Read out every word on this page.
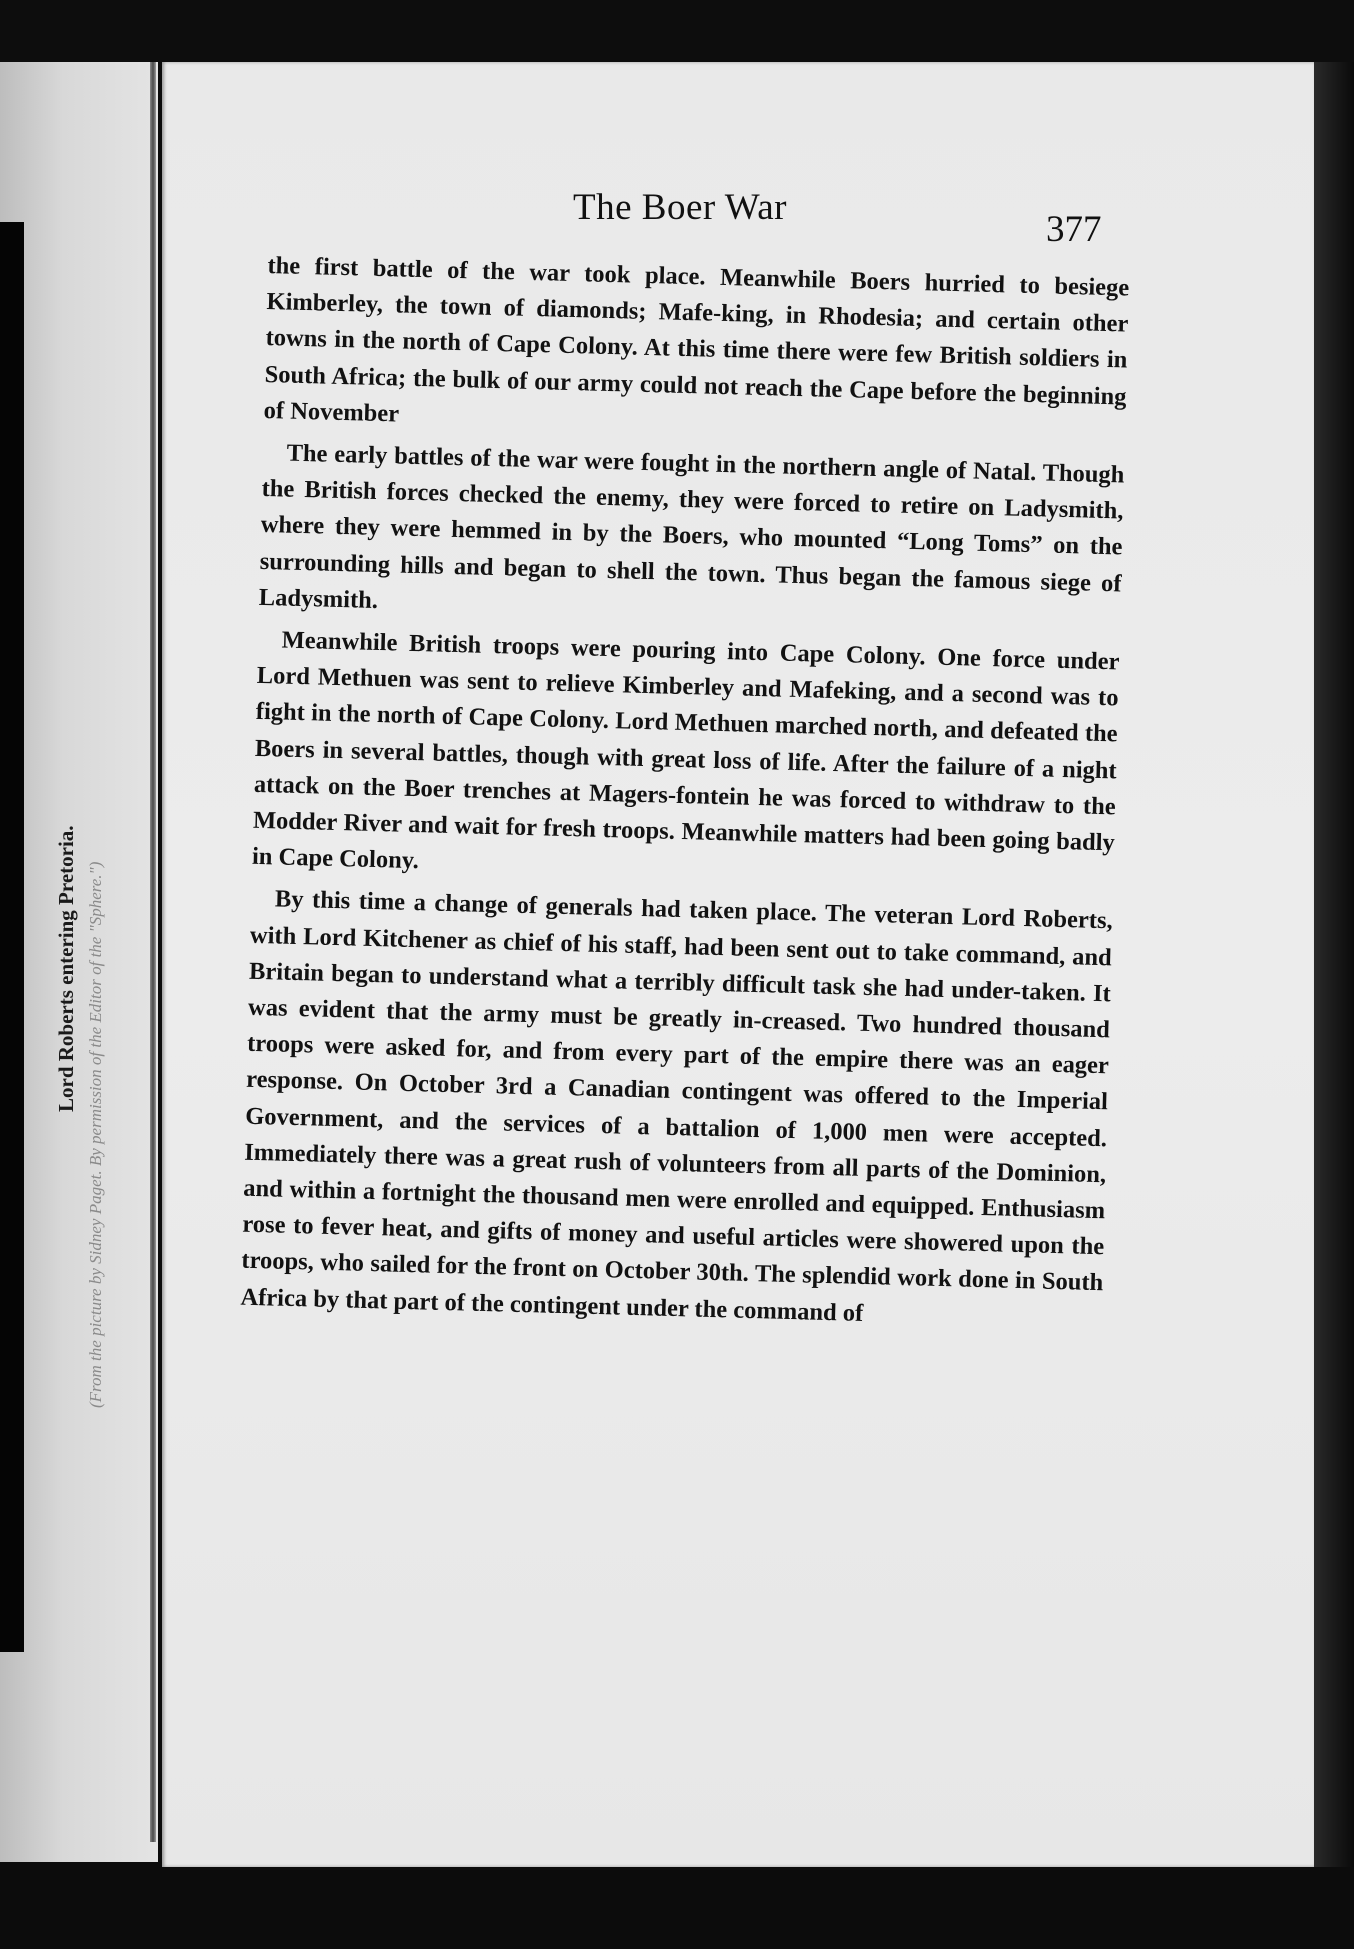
Lord Roberts entering Pretoria. (From the picture by Sidney Paget. By permission of the Editor of the "Sphere.")
The Boer War
377

the first battle of the war took place. Meanwhile Boers hurried to besiege Kimberley, the town of diamonds; Mafe-king, in Rhodesia; and certain other towns in the north of Cape Colony. At this time there were few British soldiers in South Africa; the bulk of our army could not reach the Cape before the beginning of November

The early battles of the war were fought in the northern angle of Natal. Though the British forces checked the enemy, they were forced to retire on Ladysmith, where they were hemmed in by the Boers, who mounted “Long Toms” on the surrounding hills and began to shell the town. Thus began the famous siege of Ladysmith.

Meanwhile British troops were pouring into Cape Colony. One force under Lord Methuen was sent to relieve Kimberley and Mafeking, and a second was to fight in the north of Cape Colony. Lord Methuen marched north, and defeated the Boers in several battles, though with great loss of life. After the failure of a night attack on the Boer trenches at Magers-fontein he was forced to withdraw to the Modder River and wait for fresh troops. Meanwhile matters had been going badly in Cape Colony.

By this time a change of generals had taken place. The veteran Lord Roberts, with Lord Kitchener as chief of his staff, had been sent out to take command, and Britain began to understand what a terribly difficult task she had under-taken. It was evident that the army must be greatly in-creased. Two hundred thousand troops were asked for, and from every part of the empire there was an eager response. On October 3rd a Canadian contingent was offered to the Imperial Government, and the services of a battalion of 1,000 men were accepted. Immediately there was a great rush of volunteers from all parts of the Dominion, and within a fortnight the thousand men were enrolled and equipped. Enthusiasm rose to fever heat, and gifts of money and useful articles were showered upon the troops, who sailed for the front on October 30th. The splendid work done in South Africa by that part of the contingent under the command of
